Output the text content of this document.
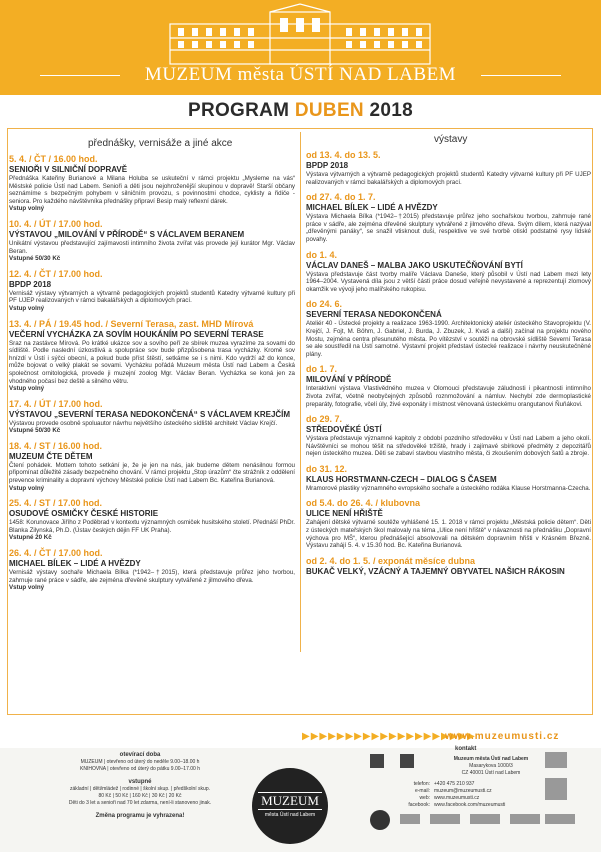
MUZEUM města ÚSTÍ NAD LABEM
PROGRAM DUBEN 2018
přednášky, vernisáže a jiné akce	výstavy
5. 4. / ČT / 16.00 hod.
SENIOŘI V SILNIČNÍ DOPRAVĚ
Přednáška Kateřiny Burianové a Milana Holuba se uskuteční v rámci projektu „Mysleme na vás“ Městské policie Ústí nad Labem. Senioři a děti jsou nejohroženější skupinou v dopravě! Starší občany seznámíme s bezpečným pohybem v silničním provozu, s povinnostmi chodce, cyklisty a řidiče - seniora. Pro každého návštěvníka přednášky připraví Besip malý reflexní dárek.
Vstup volný
10. 4. / ÚT / 17.00 hod.
VÝSTAVOU „MILOVÁNÍ V PŘÍRODĚ“ S VÁCLAVEM BERANEM
Unikátní výstavou představující zajímavosti intimního života zvířat vás provede její kurátor Mgr. Václav Beran.
Vstupné 50/30 Kč
12. 4. / ČT / 17.00 hod.
BPDP 2018
Vernisáž výstavy výtvarných a výtvarně pedagogických projektů studentů Katedry výtvarné kultury při PF UJEP realizovaných v rámci bakalářských a diplomových prací.
Vstup volný
13. 4. / PÁ / 19.45 hod. / Severní Terasa, zast. MHD Mírová
VEČERNÍ VYCHÁZKA ZA SOVÍM HOUKÁNÍM PO SEVERNÍ TERASE
Sraz na zastávce Mírová. Po krátké ukázce sov a sovího peří ze sbírek muzea vyrazíme za sovami do sídliště. Podle naslední úzkostlivá a spolupráce sov bude přizpůsobena trasa vycházky. Kromě sov hnízdí v Ústí i sýčci obecní, a pokud bude příst štěstí, setkáme se i s nimi. Kdo vydrží až do konce, může bojovat o velký plakát se sovami. Vycházku pořádá Muzeum města Ústí nad Labem a Česká společnost ornitologická, provede ji muzejní zoolog Mgr. Václav Beran. Vycházka se koná jen za vhodného počasí bez deště a silného větru.
Vstup volný
17. 4. / ÚT / 17.00 hod.
VÝSTAVOU „SEVERNÍ TERASA NEDOKONČENÁ“ S VÁCLAVEM KREJČÍM
Výstavou provede osobně spoluautor návrhu největšího ústeckého sídliště architekt Václav Krejčí.
Vstupné 50/30 Kč
18. 4. / ST / 16.00 hod.
MUZEUM ČTE DĚTEM
Čtení pohádek. Mottem tohoto setkání je, že je jen na nás, jak budeme dětem nenásilnou formou připomínat důležité zásady bezpečného chování. V rámci projektu „Stop úrazům“ čte strážník z oddělení prevence kriminality a dopravní výchovy Městské policie Ústí nad Labem Bc. Kateřina Burianová.
Vstup volný
25. 4. / ST / 17.00 hod.
OSUDOVÉ OSMIČKY ČESKÉ HISTORIE
1458: Korunovace Jiřího z Poděbrad v kontextu významných osmiček husitského století. Přednáší PhDr. Blanka Zilynská, Ph.D. (Ústav českých dějin FF UK Praha).
Vstupné 20 Kč
26. 4. / ČT / 17.00 hod.
MICHAEL BÍLEK – LIDÉ A HVĚZDY
Vernisáž výstavy sochaře Michaela Bílka (*1942–†2015), která představuje průřez jeho tvorbou, zahrnuje rané práce v sádře, ale zejména dřevěné skulptury vytvářené z jilmového dřeva.
Vstup volný
od 13. 4. do 13. 5.
BPDP 2018
Výstava výtvarných a výtvarně pedagogických projektů studentů Katedry výtvarné kultury při PF UJEP realizovaných v rámci bakalářských a diplomových prací.
od 27. 4. do 1. 7.
MICHAEL BÍLEK – LIDÉ A HVĚZDY
Výstava Michaela Bílka (*1942–†2015) představuje průřez jeho sochařskou tvorbou, zahrnuje rané práce v sádře, ale zejména dřevěné skulptury vytvářené z jilmového dřeva. Svým dílem, která nazýval „dřevěnými panáky“, se snažil vtisknout duši, respektive ve své tvorbě otiskl podstatné rysy lidské povahy.
do 1. 4.
VÁCLAV DANEŠ – MALBA JAKO USKUTEČŇOVÁNÍ BYTÍ
Výstava představuje část tvorby malíře Václava Daneše, který působil v Ústí nad Labem mezi lety 1964–2004. Vystavená díla jsou z větší části práce dosud veřejně nevystavené a reprezentují zlomový okamžik ve vývoji jeho malířského rukopisu.
do 24. 6.
SEVERNÍ TERASA NEDOKONČENÁ
Ateliér 40 - Ústecké projekty a realizace 1963-1990. Architektonický ateliér ústeckého Stavoprojektu (V. Krejčí, J. Fojt, M. Böhm, J. Gabriel, J. Burda, J. Zbuzek, J. Kvaš a další) začínal na projektu nového Mostu, zejména centra přesunutého města. Po vítězství v soutěži na obrovské sídliště Severní Terasa se ale soustředil na Ústí samotné. Výstavní projekt představí ústecké realizace i návrhy neuskutečněné plány.
do 1. 7.
MILOVÁNÍ V PŘÍRODĚ
Interaktivní výstava Vlastivědného muzea v Olomouci představuje záludnosti i pikantnosti intimního života zvířat, včetně neobyčejných způsobů roznmožování a námluv. Nechybí zde dermoplastické preparáty, fotografie, včelí úly, živé exponáty i místnost věnovaná ústeckému orangutanovi Ňuňákovi.
do 29. 7.
STŘEDOVĚKÉ ÚSTÍ
Výstava představuje významné kapitoly z období pozdního středověku v Ústí nad Labem a jeho okolí. Návštěvníci se mohou těšit na středověké tržiště, hrady i zajímavé sbírkové předměty z depozitářů nejen ústeckého muzea. Děti se zabaví stavbou vlastního města, či zkoušením dobových šatů a zbroje.
do 31. 12.
KLAUS HORSTMANN-CZECH – DIALOG S ČASEM
Mramorové plastiky významného evropského sochaře a ústeckého rodáka Klause Horstmanna-Czecha.
od 5.4. do 26. 4. / klubovna
ULICE NENÍ HŘIŠTĚ
Zahájení dětské výtvarné soutěže vyhlášené 15. 1. 2018 v rámci projektu „Městská policie dětem“. Děti z ústeckých mateřských škol malovaly na téma „Ulice není hřiště“ v návaznosti na přednášku „Dopravní výchova pro MŠ“, kterou přednášející absolvovali na dětském dopravním hřišti v Krásném Březně. Výstavu zahájí 5. 4. v 15.30 hod. Bc. Kateřina Burianová.
od 2. 4. do 1. 5. / exponát měsíce dubna
BUKAČ VELKÝ, VZÁCNÝ A TAJEMNÝ OBYVATEL NAŠICH RÁKOSIN
▶▶▶▶▶▶▶▶▶▶▶▶▶▶▶▶▶▶▶▶
www.muzeumusti.cz
otevírací doba
MUZEUM | otevřeno od úterý do neděle 9.00–18.00 h
KNIHOVNA | otevřeno od úterý do pátku 9.00–17.00 h
vstupné
základní | děti/mládež | rodinné | školní skup. | předškolní skup.
80 Kč | 50 Kč | 160 Kč | 30 Kč | 20 Kč
Děti do 3 let a senioři nad 70 let zdarma, není-li stanoveno jinak.
Změna programu je vyhrazena!
MUZEUM
města Ústí nad Labem
kontakt
Muzeum města Ústí nad Labem
Masarykova 1000/3
CZ 40001 Ústí nad Labem
telefon: +420 475 210 937
e-mail: muzeum@muzeumusti.cz
web: www.muzeumusti.cz
facebook: www.facebook.com/muzeumusti
